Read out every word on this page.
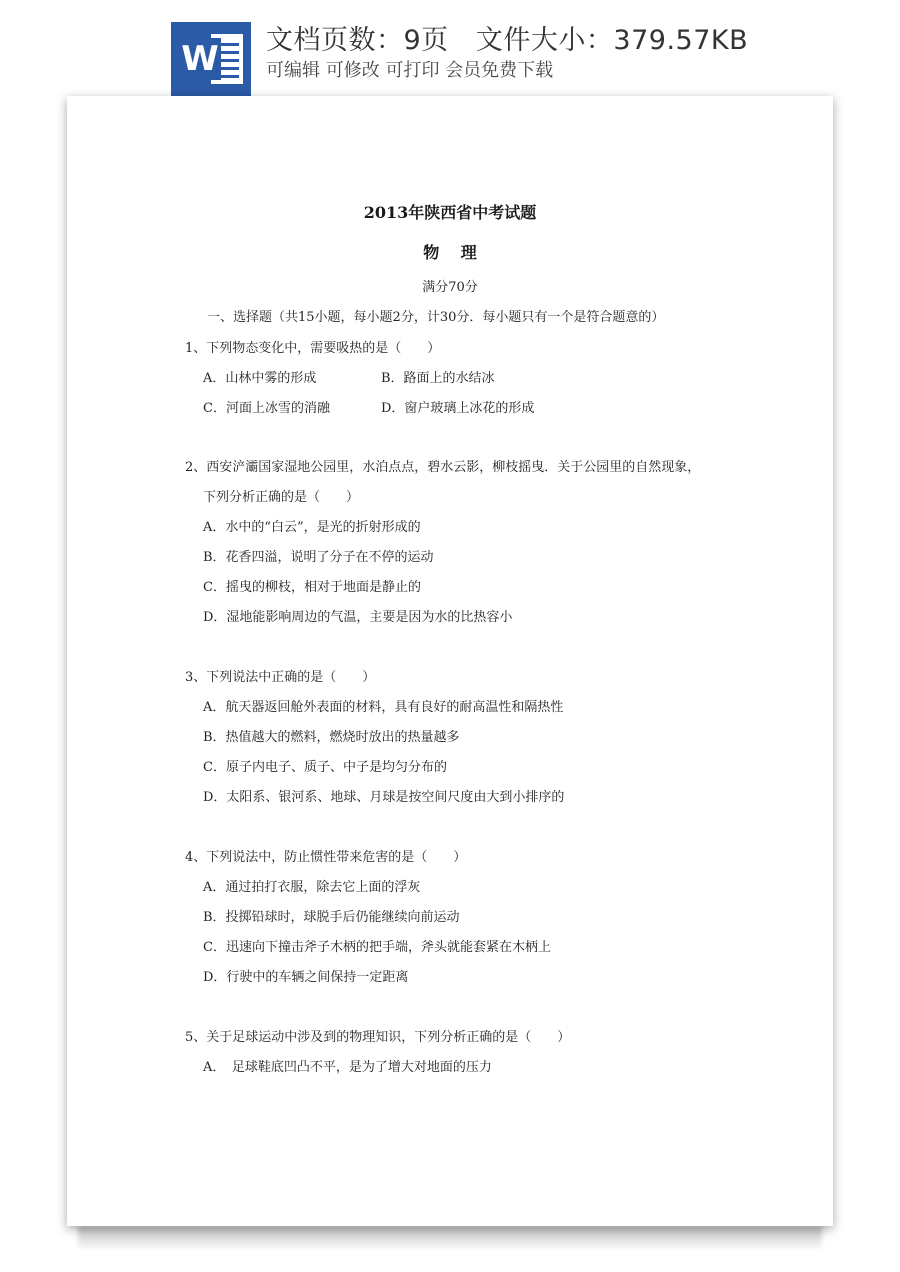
W 文档页数：9页   文件大小：379.57KB
可编辑 可修改 可打印 会员免费下载
2013年陕西省中考试题
物　 理
满分70分
一、选择题（共15小题，每小题2分，计30分．每小题只有一个是符合题意的）
1、下列物态变化中，需要吸热的是（　　）
A．山林中雾的形成	B．路面上的水结冰
C．河面上冰雪的消融	D．窗户玻璃上冰花的形成
2、西安浐灞国家湿地公园里，水泊点点，碧水云影，柳枝摇曳．关于公园里的自然现象，
下列分析正确的是（　　）
A．水中的“白云”，是光的折射形成的
B．花香四溢，说明了分子在不停的运动
C．摇曳的柳枝，相对于地面是静止的
D．湿地能影响周边的气温，主要是因为水的比热容小
3、下列说法中正确的是（　　）
A．航天器返回舱外表面的材料，具有良好的耐高温性和隔热性
B．热值越大的燃料，燃烧时放出的热量越多
C．原子内电子、质子、中子是均匀分布的
D．太阳系、银河系、地球、月球是按空间尺度由大到小排序的
4、下列说法中，防止惯性带来危害的是（　　）
A．通过拍打衣服，除去它上面的浮灰
B．投掷铅球时，球脱手后仍能继续向前运动
C．迅速向下撞击斧子木柄的把手端，斧头就能套紧在木柄上
D．行驶中的车辆之间保持一定距离
5、关于足球运动中涉及到的物理知识，下列分析正确的是（　　）
A．　足球鞋底凹凸不平，是为了增大对地面的压力
